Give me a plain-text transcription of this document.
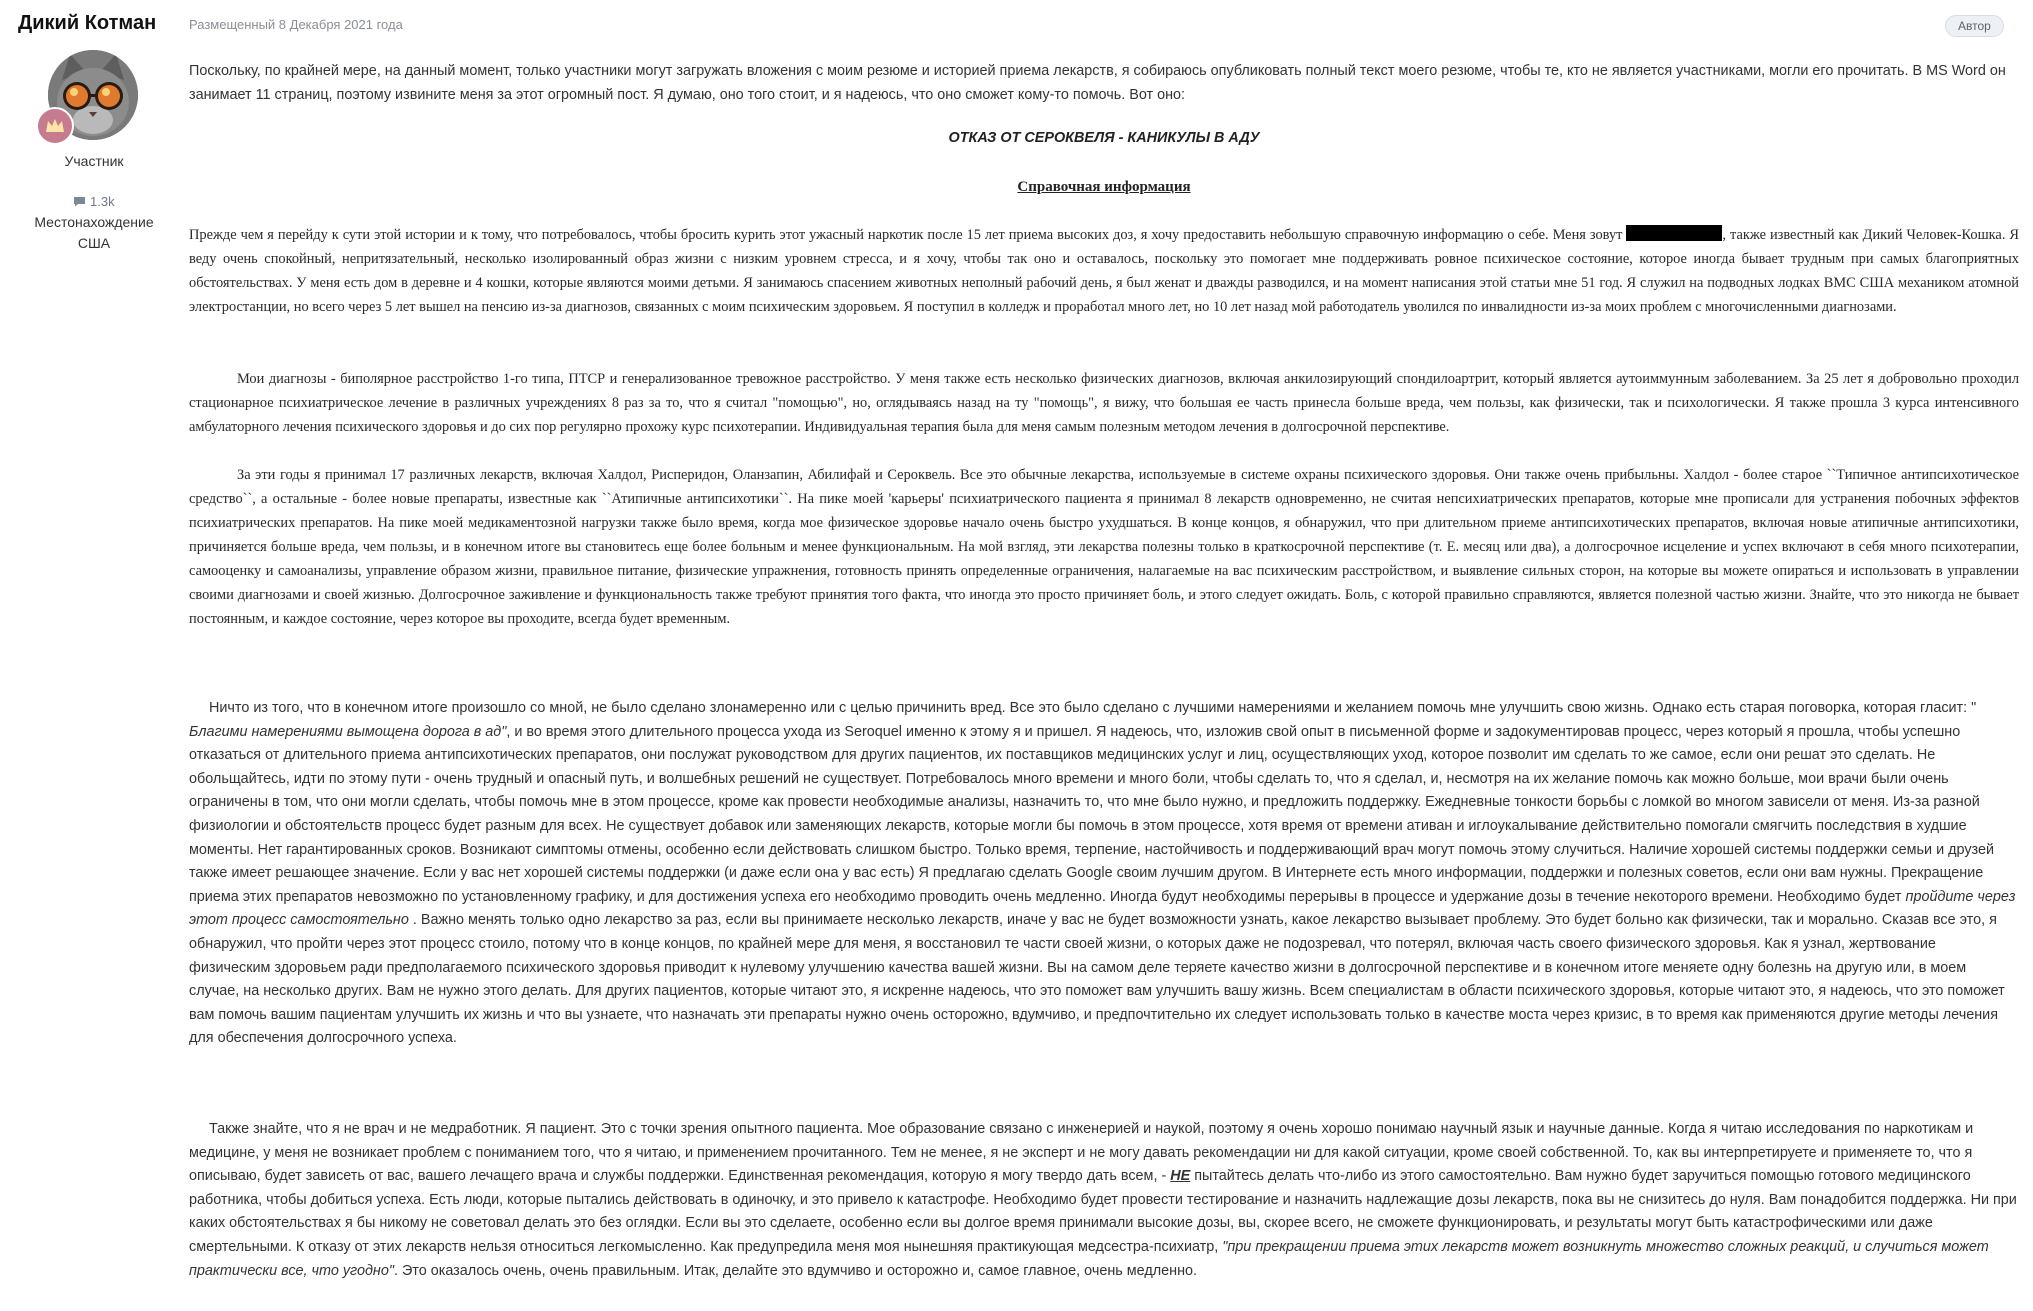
Дикий Котман
Участник
1.3k
Местонахождение
США
Размещенный 8 Декабря 2021 года	Автор

Поскольку, по крайней мере, на данный момент, только участники могут загружать вложения с моим резюме и историей приема лекарств, я собираюсь опубликовать полный текст моего резюме, чтобы те, кто не является участниками, могли его прочитать. В MS Word он занимает 11 страниц, поэтому извините меня за этот огромный пост. Я думаю, оно того стоит, и я надеюсь, что оно сможет кому-то помочь. Вот оно:

ОТКАЗ ОТ СЕРОКВЕЛЯ - КАНИКУЛЫ В АДУ

Справочная информация

Прежде чем я перейду к сути этой истории и к тому, что потребовалось, чтобы бросить курить этот ужасный наркотик после 15 лет приема высоких доз, я хочу предоставить небольшую справочную информацию о себе. Меня зовут	, также известный как Дикий Человек-Кошка. Я веду очень спокойный, непритязательный, несколько изолированный образ жизни с низким уровнем стресса, и я хочу, чтобы так оно и оставалось, поскольку это помогает мне поддерживать ровное психическое состояние, которое иногда бывает трудным при самых благоприятных обстоятельствах. У меня есть дом в деревне и 4 кошки, которые являются моими детьми. Я занимаюсь спасением животных неполный рабочий день, я был женат и дважды разводился, и на момент написания этой статьи мне 51 год. Я служил на подводных лодках ВМС США механиком атомной электростанции, но всего через 5 лет вышел на пенсию из-за диагнозов, связанных с моим психическим здоровьем. Я поступил в колледж и проработал много лет, но 10 лет назад мой работодатель уволился по инвалидности из-за моих проблем с многочисленными диагнозами.

Мои диагнозы - биполярное расстройство 1-го типа, ПТСР и генерализованное тревожное расстройство. У меня также есть несколько физических диагнозов, включая анкилозирующий спондилоартрит, который является аутоиммунным заболеванием. За 25 лет я добровольно проходил стационарное психиатрическое лечение в различных учреждениях 8 раз за то, что я считал "помощью", но, оглядываясь назад на ту "помощь", я вижу, что большая ее часть принесла больше вреда, чем пользы, как физически, так и психологически. Я также прошла 3 курса интенсивного амбулаторного лечения психического здоровья и до сих пор регулярно прохожу курс психотерапии. Индивидуальная терапия была для меня самым полезным методом лечения в долгосрочной перспективе.

За эти годы я принимал 17 различных лекарств, включая Халдол, Рисперидон, Оланзапин, Абилифай и Сероквель. Все это обычные лекарства, используемые в системе охраны психического здоровья. Они также очень прибыльны. Халдол - более старое ``Типичное антипсихотическое средство``, а остальные - более новые препараты, известные как ``Атипичные антипсихотики``. На пике моей 'карьеры' психиатрического пациента я принимал 8 лекарств одновременно, не считая непсихиатрических препаратов, которые мне прописали для устранения побочных эффектов психиатрических препаратов. На пике моей медикаментозной нагрузки также было время, когда мое физическое здоровье начало очень быстро ухудшаться. В конце концов, я обнаружил, что при длительном приеме антипсихотических препаратов, включая новые атипичные антипсихотики, причиняется больше вреда, чем пользы, и в конечном итоге вы становитесь еще более больным и менее функциональным. На мой взгляд, эти лекарства полезны только в краткосрочной перспективе (т. Е. месяц или два), а долгосрочное исцеление и успех включают в себя много психотерапии, самооценку и самоанализы, управление образом жизни, правильное питание, физические упражнения, готовность принять определенные ограничения, налагаемые на вас психическим расстройством, и выявление сильных сторон, на которые вы можете опираться и использовать в управлении своими диагнозами и своей жизнью. Долгосрочное заживление и функциональность также требуют принятия того факта, что иногда это просто причиняет боль, и этого следует ожидать. Боль, с которой правильно справляются, является полезной частью жизни. Знайте, что это никогда не бывает постоянным, и каждое состояние, через которое вы проходите, всегда будет временным.

Ничто из того, что в конечном итоге произошло со мной, не было сделано злонамеренно или с целью причинить вред. Все это было сделано с лучшими намерениями и желанием помочь мне улучшить свою жизнь. Однако есть старая поговорка, которая гласит: " Благими намерениями вымощена дорога в ад", и во время этого длительного процесса ухода из Seroquel именно к этому я и пришел. Я надеюсь, что, изложив свой опыт в письменной форме и задокументировав процесс, через который я прошла, чтобы успешно отказаться от длительного приема антипсихотических препаратов, они послужат руководством для других пациентов, их поставщиков медицинских услуг и лиц, осуществляющих уход, которое позволит им сделать то же самое, если они решат это сделать. Не обольщайтесь, идти по этому пути - очень трудный и опасный путь, и волшебных решений не существует. Потребовалось много времени и много боли, чтобы сделать то, что я сделал, и, несмотря на их желание помочь как можно больше, мои врачи были очень ограничены в том, что они могли сделать, чтобы помочь мне в этом процессе, кроме как провести необходимые анализы, назначить то, что мне было нужно, и предложить поддержку. Ежедневные тонкости борьбы с ломкой во многом зависели от меня. Из-за разной физиологии и обстоятельств процесс будет разным для всех. Не существует добавок или заменяющих лекарств, которые могли бы помочь в этом процессе, хотя время от времени ативан и иглоукалывание действительно помогали смягчить последствия в худшие моменты. Нет гарантированных сроков. Возникают симптомы отмены, особенно если действовать слишком быстро. Только время, терпение, настойчивость и поддерживающий врач могут помочь этому случиться. Наличие хорошей системы поддержки семьи и друзей также имеет решающее значение. Если у вас нет хорошей системы поддержки (и даже если она у вас есть) Я предлагаю сделать Google своим лучшим другом. В Интернете есть много информации, поддержки и полезных советов, если они вам нужны. Прекращение приема этих препаратов невозможно по установленному графику, и для достижения успеха его необходимо проводить очень медленно. Иногда будут необходимы перерывы в процессе и удержание дозы в течение некоторого времени. Необходимо будет пройдите через этот процесс самостоятельно . Важно менять только одно лекарство за раз, если вы принимаете несколько лекарств, иначе у вас не будет возможности узнать, какое лекарство вызывает проблему. Это будет больно как физически, так и морально. Сказав все это, я обнаружил, что пройти через этот процесс стоило, потому что в конце концов, по крайней мере для меня, я восстановил те части своей жизни, о которых даже не подозревал, что потерял, включая часть своего физического здоровья. Как я узнал, жертвование физическим здоровьем ради предполагаемого психического здоровья приводит к нулевому улучшению качества вашей жизни. Вы на самом деле теряете качество жизни в долгосрочной перспективе и в конечном итоге меняете одну болезнь на другую или, в моем случае, на несколько других. Вам не нужно этого делать. Для других пациентов, которые читают это, я искренне надеюсь, что это поможет вам улучшить вашу жизнь. Всем специалистам в области психического здоровья, которые читают это, я надеюсь, что это поможет вам помочь вашим пациентам улучшить их жизнь и что вы узнаете, что назначать эти препараты нужно очень осторожно, вдумчиво, и предпочтительно их следует использовать только в качестве моста через кризис, в то время как применяются другие методы лечения для обеспечения долгосрочного успеха.

Также знайте, что я не врач и не медработник. Я пациент. Это с точки зрения опытного пациента. Мое образование связано с инженерией и наукой, поэтому я очень хорошо понимаю научный язык и научные данные. Когда я читаю исследования по наркотикам и медицине, у меня не возникает проблем с пониманием того, что я читаю, и применением прочитанного. Тем не менее, я не эксперт и не могу давать рекомендации ни для какой ситуации, кроме своей собственной. То, как вы интерпретируете и применяете то, что я описываю, будет зависеть от вас, вашего лечащего врача и службы поддержки. Единственная рекомендация, которую я могу твердо дать всем, - НЕ пытайтесь делать что-либо из этого самостоятельно. Вам нужно будет заручиться помощью готового медицинского работника, чтобы добиться успеха. Есть люди, которые пытались действовать в одиночку, и это привело к катастрофе. Необходимо будет провести тестирование и назначить надлежащие дозы лекарств, пока вы не снизитесь до нуля. Вам понадобится поддержка. Ни при каких обстоятельствах я бы никому не советовал делать это без оглядки. Если вы это сделаете, особенно если вы долгое время принимали высокие дозы, вы, скорее всего, не сможете функционировать, и результаты могут быть катастрофическими или даже смертельными. К отказу от этих лекарств нельзя относиться легкомысленно. Как предупредила меня моя нынешняя практикующая медсестра-психиатр, "при прекращении приема этих лекарств может возникнуть множество сложных реакций, и случиться может практически все, что угодно". Это оказалось очень, очень правильным. Итак, делайте это вдумчиво и осторожно и, самое главное, очень медленно.
